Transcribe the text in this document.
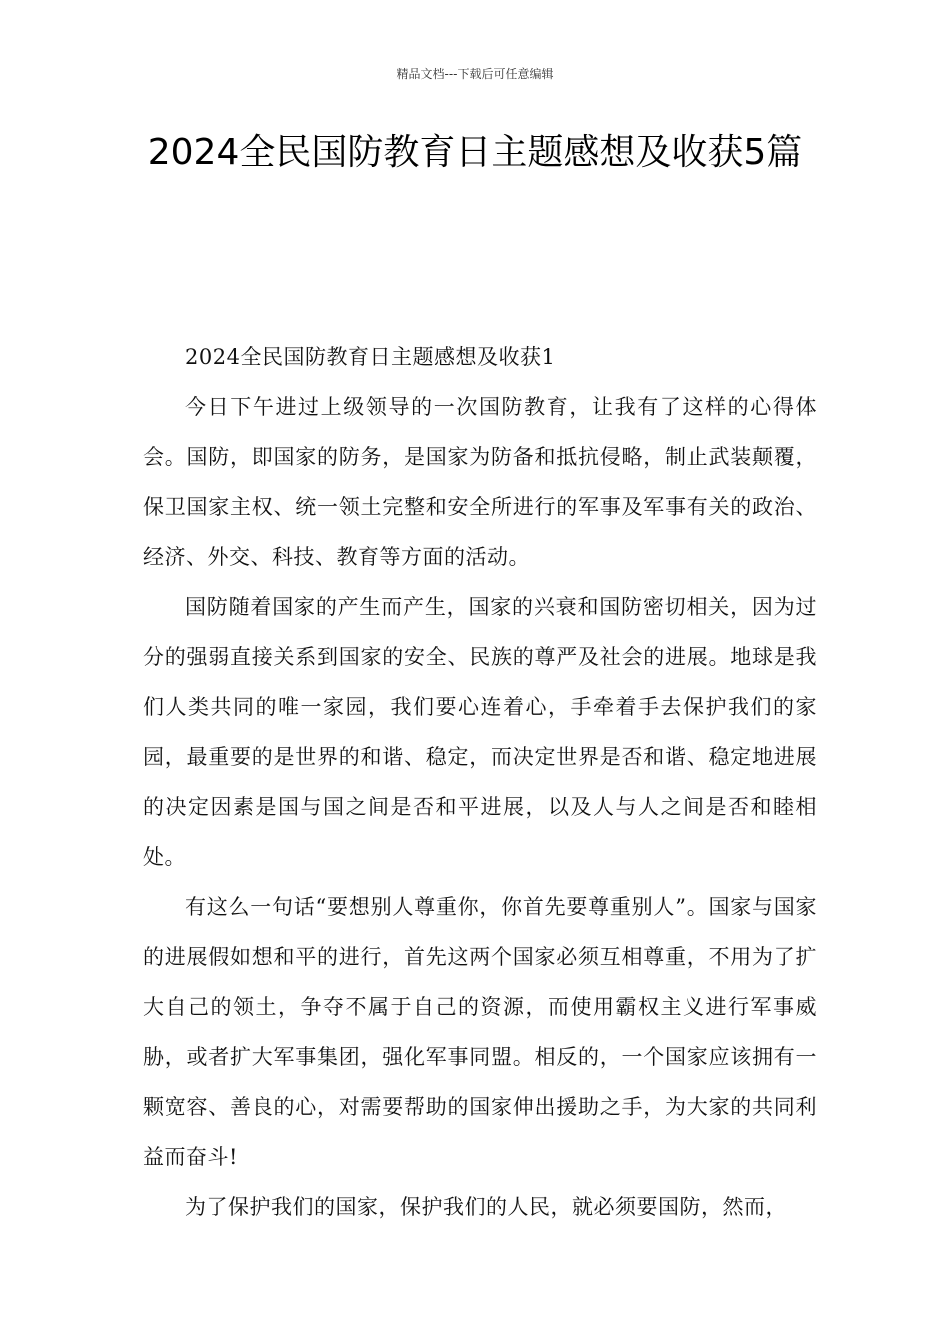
精品文档---下载后可任意编辑
2024全民国防教育日主题感想及收获5篇

2024全民国防教育日主题感想及收获1

今日下午进过上级领导的一次国防教育，让我有了这样的心得体会。国防，即国家的防务，是国家为防备和抵抗侵略，制止武装颠覆，保卫国家主权、统一领土完整和安全所进行的军事及军事有关的政治、经济、外交、科技、教育等方面的活动。

国防随着国家的产生而产生，国家的兴衰和国防密切相关，因为过分的强弱直接关系到国家的安全、民族的尊严及社会的进展。地球是我们人类共同的唯一家园，我们要心连着心，手牵着手去保护我们的家园，最重要的是世界的和谐、稳定，而决定世界是否和谐、稳定地进展的决定因素是国与国之间是否和平进展，以及人与人之间是否和睦相处。

有这么一句话“要想别人尊重你，你首先要尊重别人”。国家与国家的进展假如想和平的进行，首先这两个国家必须互相尊重，不用为了扩大自己的领土，争夺不属于自己的资源，而使用霸权主义进行军事威胁，或者扩大军事集团，强化军事同盟。相反的，一个国家应该拥有一颗宽容、善良的心，对需要帮助的国家伸出援助之手，为大家的共同利益而奋斗!

为了保护我们的国家，保护我们的人民，就必须要国防，然而，
